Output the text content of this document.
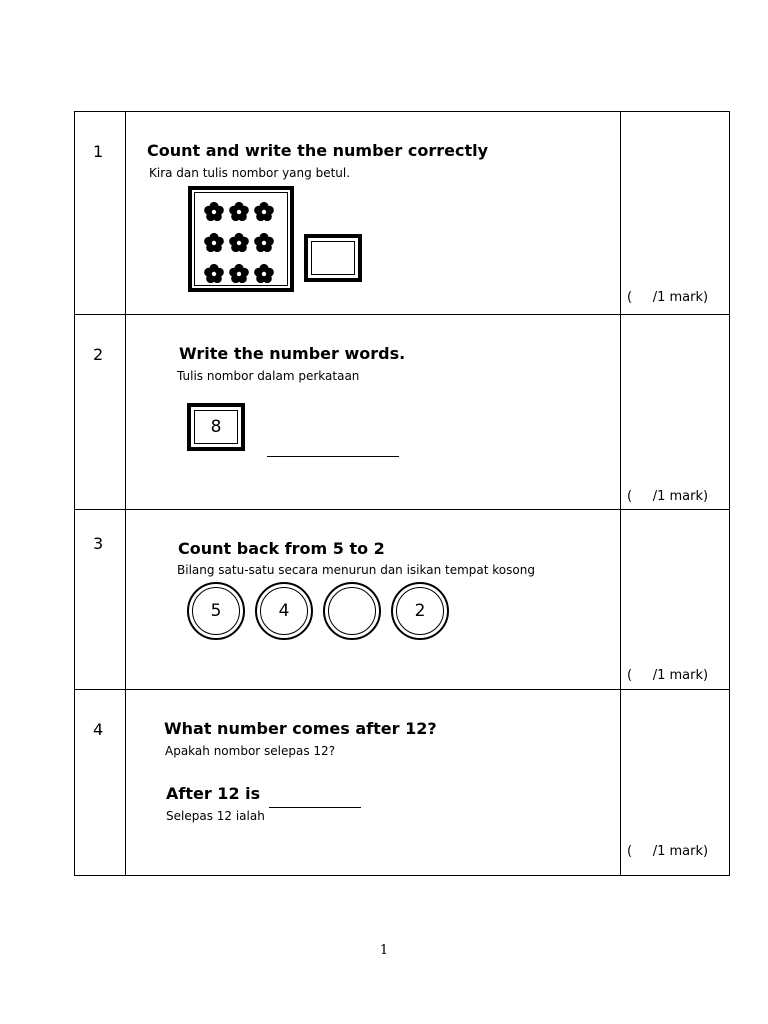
1	Count and write the number correctly
Kira dan tulis nombor yang betul.
(     /1 mark)
2	Write the number words.
Tulis nombor dalam perkataan
8
(     /1 mark)
3	Count back from 5 to 2
Bilang satu-satu secara menurun dan isikan tempat kosong
5	4	2
(     /1 mark)
4	What number comes after 12?
Apakah nombor selepas 12?
After 12 is
Selepas 12 ialah
(     /1 mark)
1
